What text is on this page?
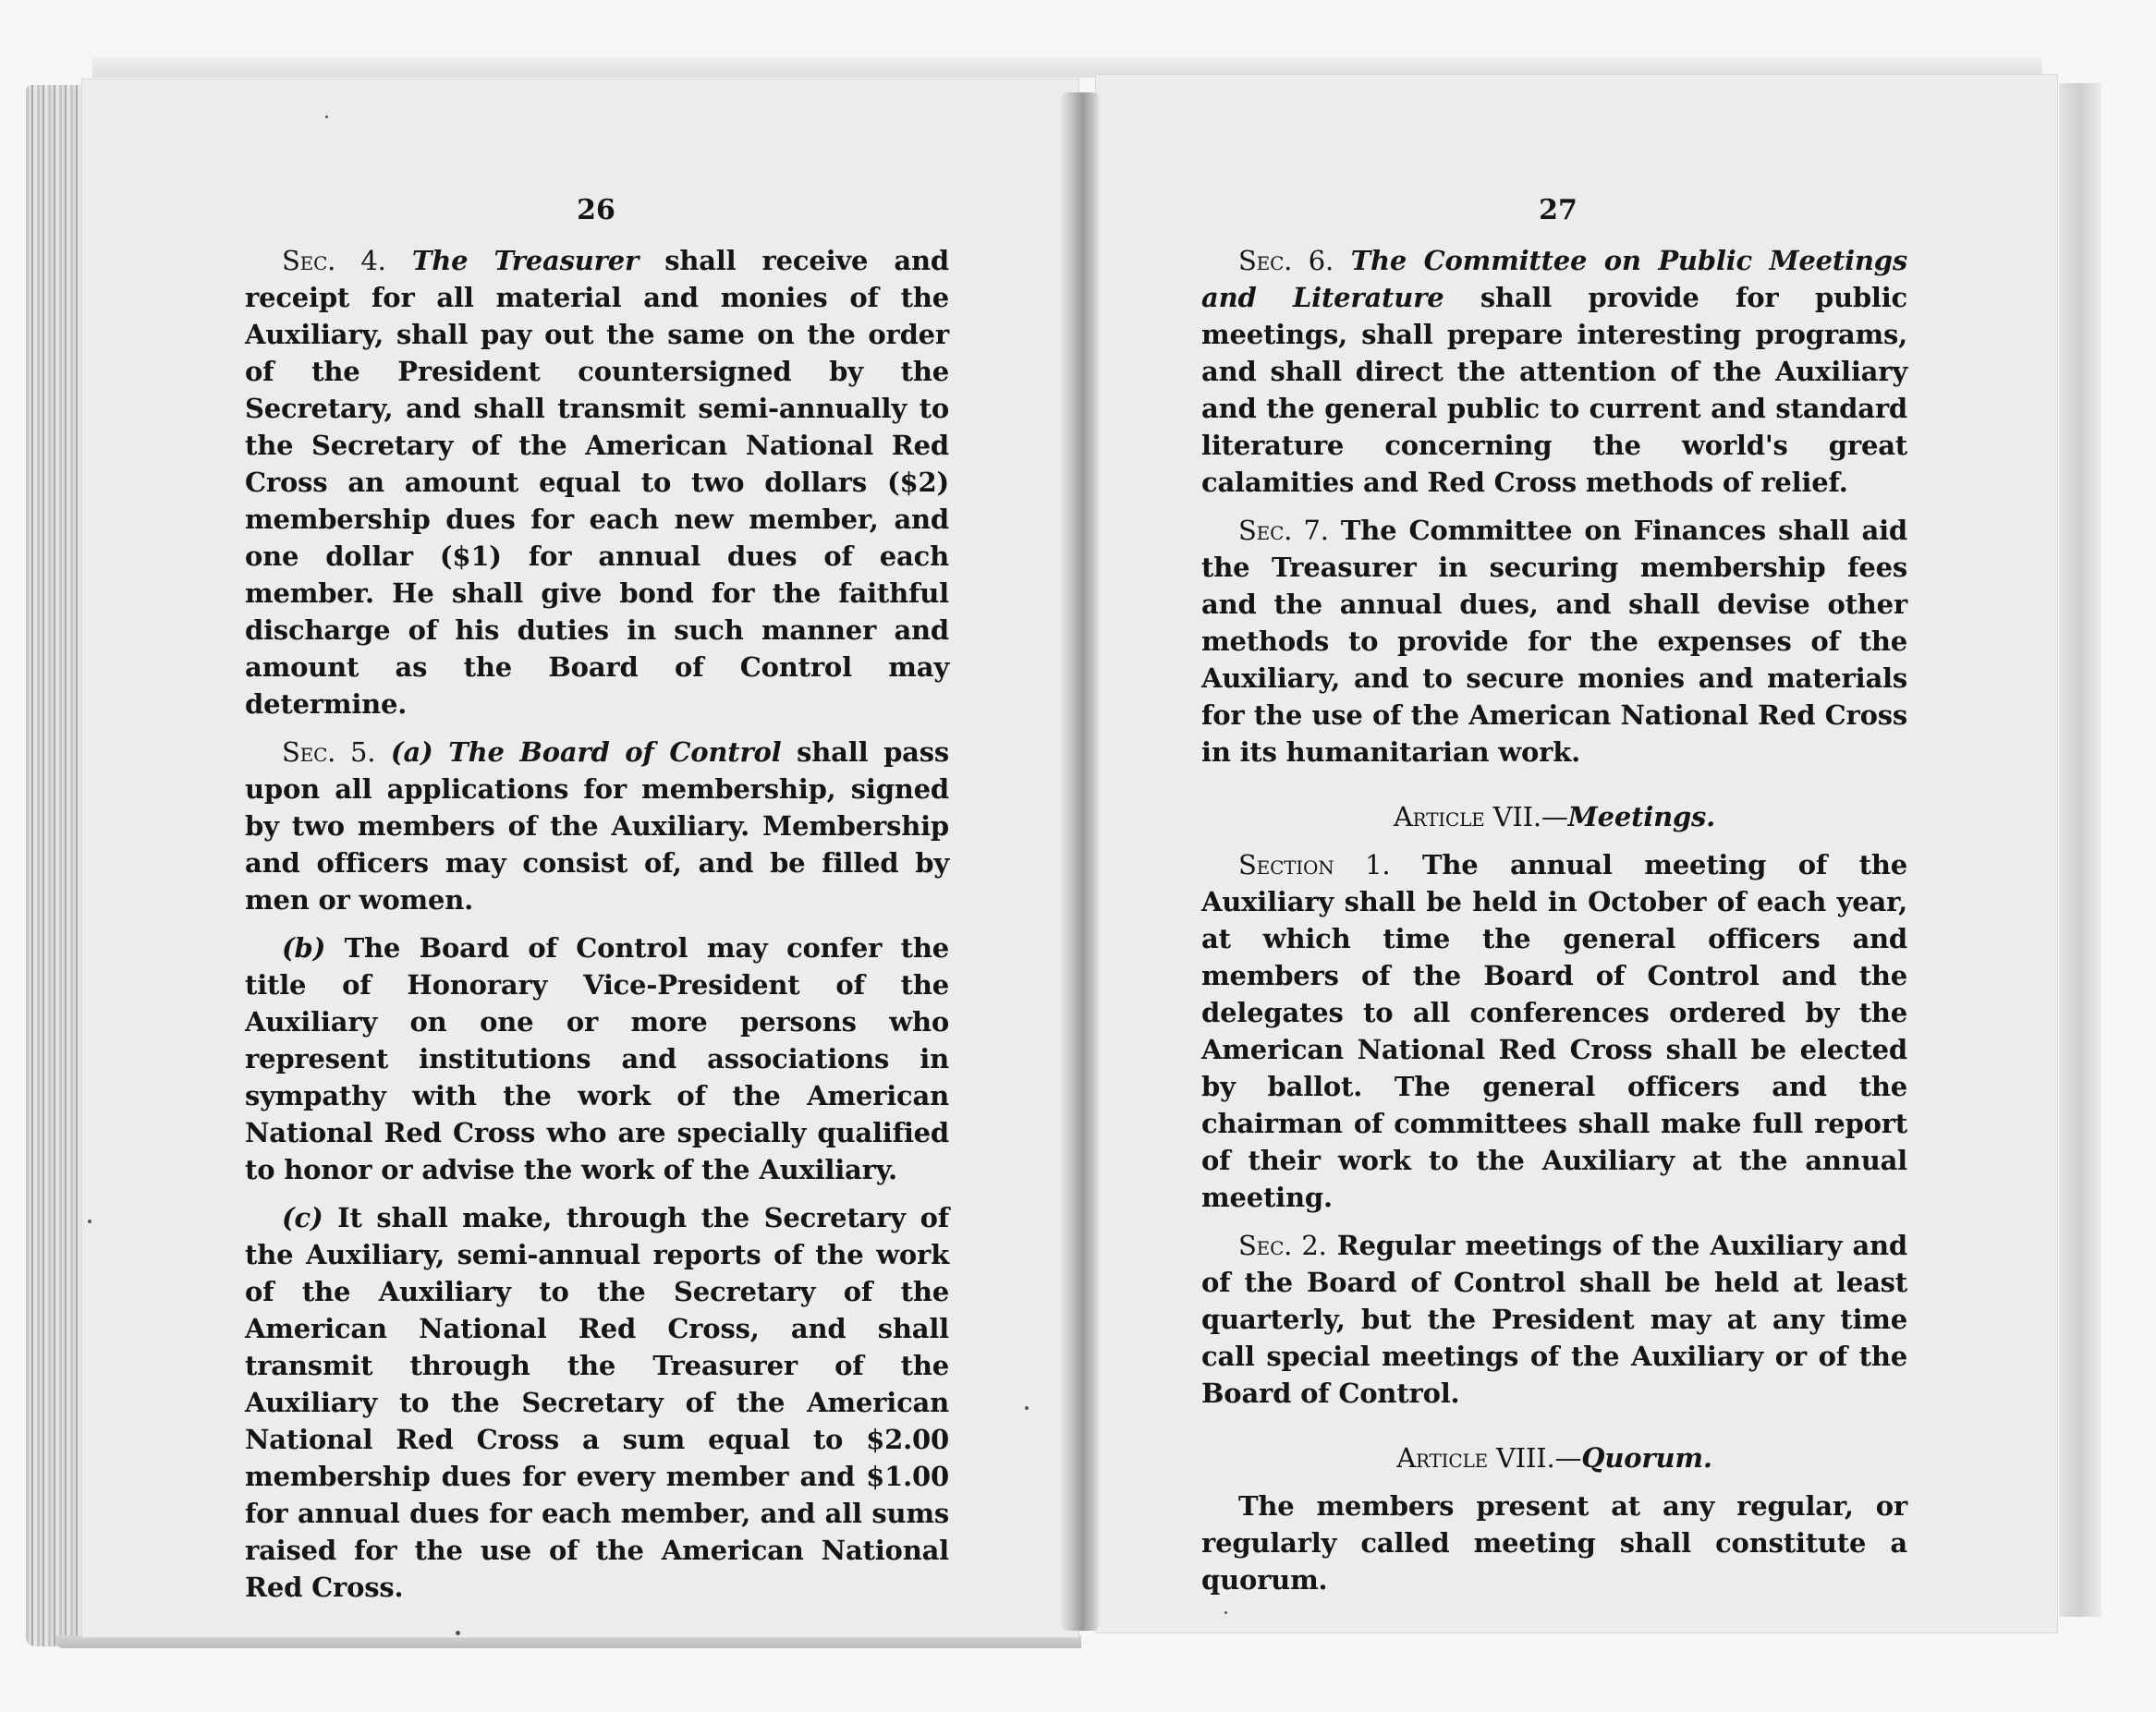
26	27

Sec. 4. The Treasurer shall receive and receipt for all material and monies of the Auxiliary, shall pay out the same on the order of the President countersigned by the Secretary, and shall transmit semi-annually to the Secretary of the American National Red Cross an amount equal to two dollars ($2) membership dues for each new member, and one dollar ($1) for annual dues of each member. He shall give bond for the faithful discharge of his duties in such manner and amount as the Board of Control may determine.

Sec. 5. (a) The Board of Control shall pass upon all applications for membership, signed by two members of the Auxiliary. Membership and officers may consist of, and be filled by men or women.

(b) The Board of Control may confer the title of Honorary Vice-President of the Auxiliary on one or more persons who represent institutions and associations in sympathy with the work of the American National Red Cross who are specially qualified to honor or advise the work of the Auxiliary.

(c) It shall make, through the Secretary of the Auxiliary, semi-annual reports of the work of the Auxiliary to the Secretary of the American National Red Cross, and shall transmit through the Treasurer of the Auxiliary to the Secretary of the American National Red Cross a sum equal to $2.00 membership dues for every member and $1.00 for annual dues for each member, and all sums raised for the use of the American National Red Cross.

Sec. 6. The Committee on Public Meetings and Literature shall provide for public meetings, shall prepare interesting programs, and shall direct the attention of the Auxiliary and the general public to current and standard literature concerning the world's great calamities and Red Cross methods of relief.

Sec. 7. The Committee on Finances shall aid the Treasurer in securing membership fees and the annual dues, and shall devise other methods to provide for the expenses of the Auxiliary, and to secure monies and materials for the use of the American National Red Cross in its humanitarian work.

Article VII.—Meetings.

Section 1. The annual meeting of the Auxiliary shall be held in October of each year, at which time the general officers and members of the Board of Control and the delegates to all conferences ordered by the American National Red Cross shall be elected by ballot. The general officers and the chairman of committees shall make full report of their work to the Auxiliary at the annual meeting.

Sec. 2. Regular meetings of the Auxiliary and of the Board of Control shall be held at least quarterly, but the President may at any time call special meetings of the Auxiliary or of the Board of Control.

Article VIII.—Quorum.

The members present at any regular, or regularly called meeting shall constitute a quorum.
